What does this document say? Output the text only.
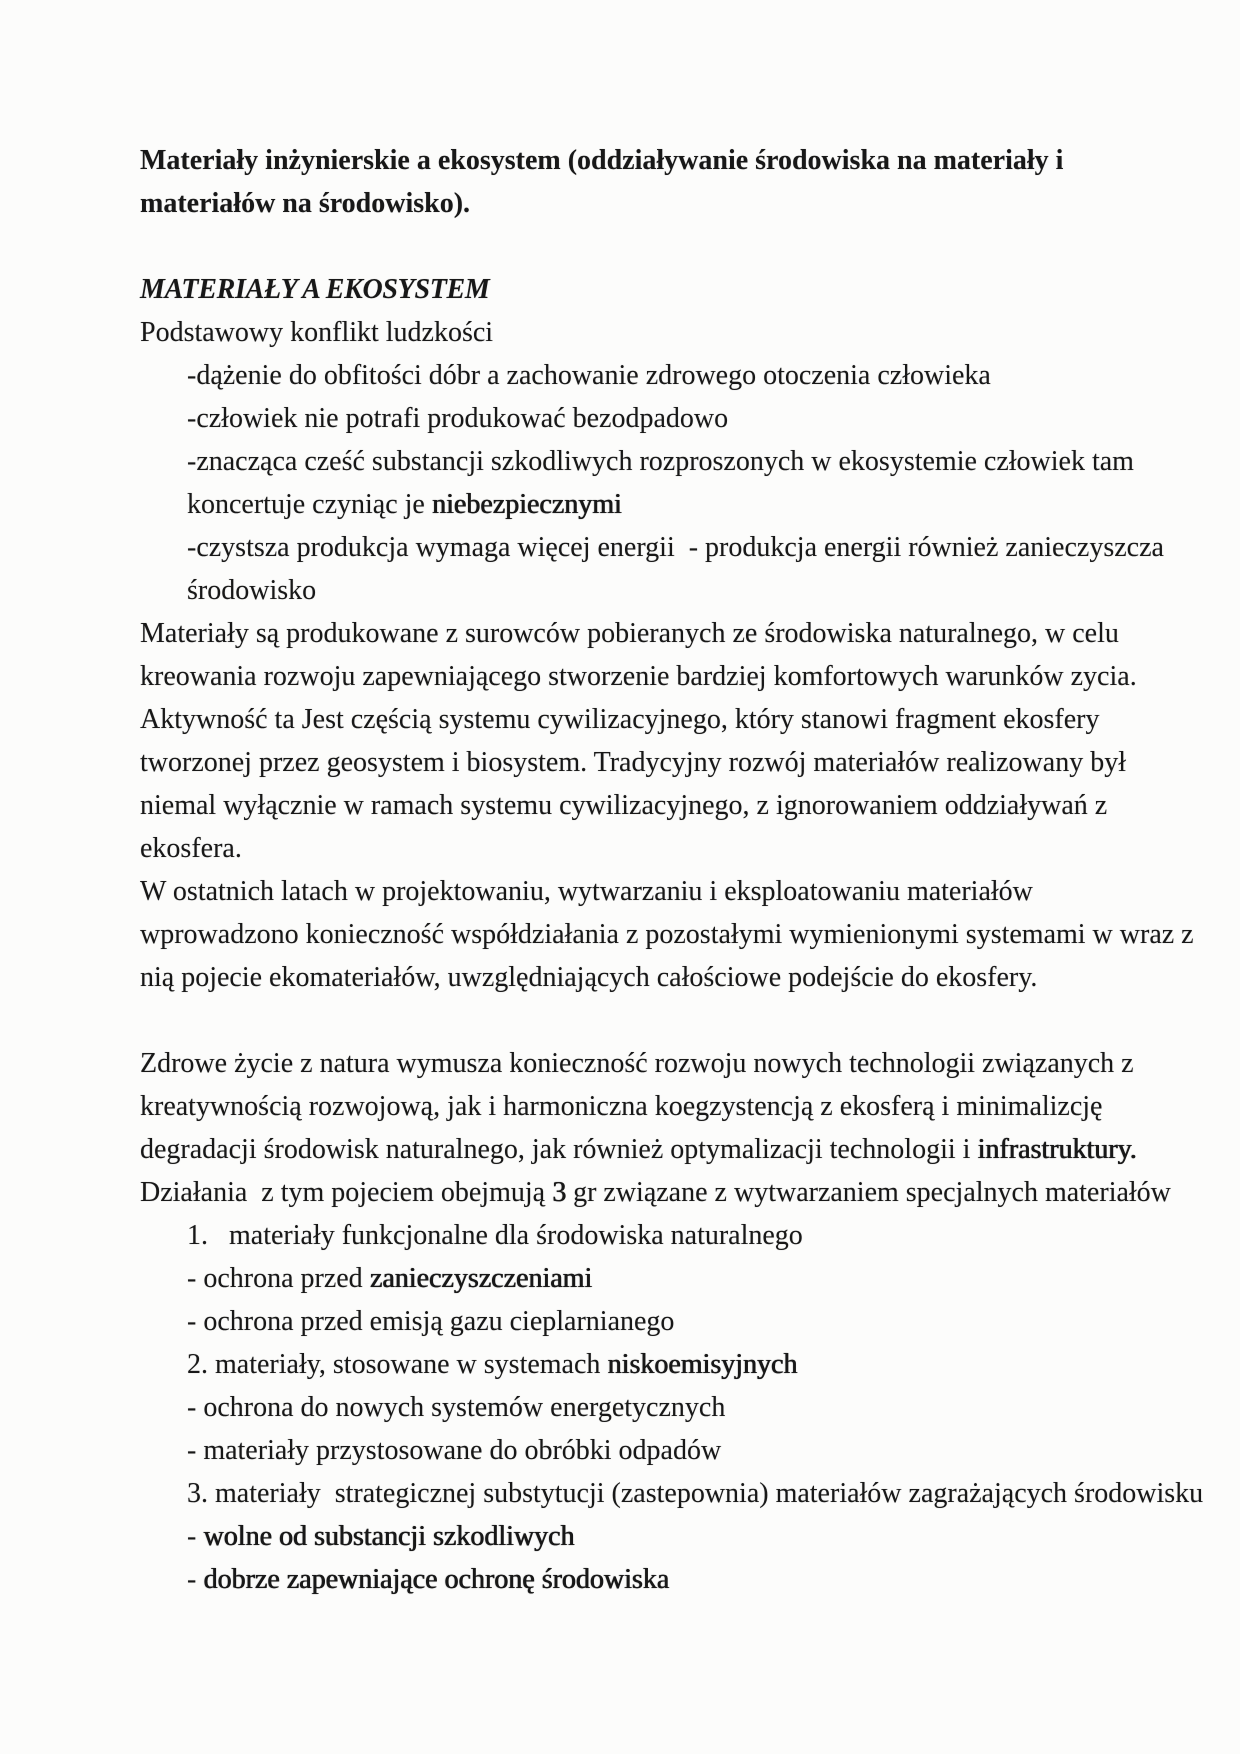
Materiały inżynierskie a ekosystem (oddziaływanie środowiska na materiały i
materiałów na środowisko).

MATERIAŁY A EKOSYSTEM
Podstawowy konflikt ludzkości
-dążenie do obfitości dóbr a zachowanie zdrowego otoczenia człowieka
-człowiek nie potrafi produkować bezodpadowo
-znacząca cześć substancji szkodliwych rozproszonych w ekosystemie człowiek tam
koncertuje czyniąc je niebezpiecznymi
-czystsza produkcja wymaga więcej energii  - produkcja energii również zanieczyszcza
środowisko
Materiały są produkowane z surowców pobieranych ze środowiska naturalnego, w celu
kreowania rozwoju zapewniającego stworzenie bardziej komfortowych warunków zycia.
Aktywność ta Jest częścią systemu cywilizacyjnego, który stanowi fragment ekosfery
tworzonej przez geosystem i biosystem. Tradycyjny rozwój materiałów realizowany był
niemal wyłącznie w ramach systemu cywilizacyjnego, z ignorowaniem oddziaływań z
ekosfera.
W ostatnich latach w projektowaniu, wytwarzaniu i eksploatowaniu materiałów
wprowadzono konieczność współdziałania z pozostałymi wymienionymi systemami w wraz z
nią pojecie ekomateriałów, uwzględniających całościowe podejście do ekosfery.

Zdrowe życie z natura wymusza konieczność rozwoju nowych technologii związanych z
kreatywnością rozwojową, jak i harmoniczna koegzystencją z ekosferą i minimalizcję
degradacji środowisk naturalnego, jak również optymalizacji technologii i infrastruktury.
Działania  z tym pojeciem obejmują 3 gr związane z wytwarzaniem specjalnych materiałów
1.   materiały funkcjonalne dla środowiska naturalnego
- ochrona przed zanieczyszczeniami
- ochrona przed emisją gazu cieplarnianego
2. materiały, stosowane w systemach niskoemisyjnych
- ochrona do nowych systemów energetycznych
- materiały przystosowane do obróbki odpadów
3. materiały  strategicznej substytucji (zastepownia) materiałów zagrażających środowisku
- wolne od substancji szkodliwych
- dobrze zapewniające ochronę środowiska
